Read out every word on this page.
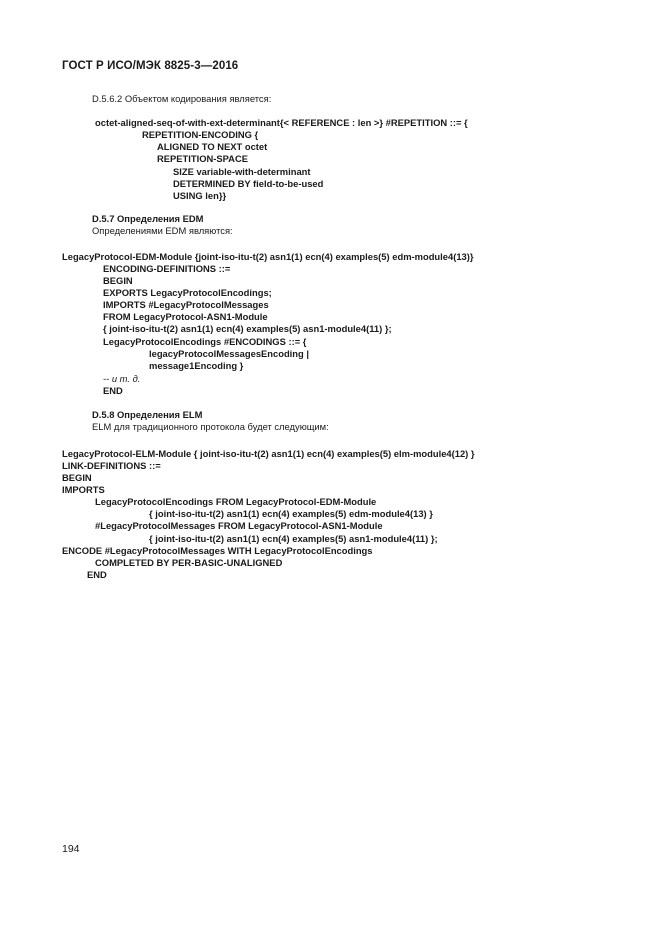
ГОСТ Р ИСО/МЭК 8825-3—2016
D.5.6.2 Объектом кодирования является:
octet-aligned-seq-of-with-ext-determinant{< REFERENCE : len >} #REPETITION ::= {
REPETITION-ENCODING {
ALIGNED TO NEXT octet
REPETITION-SPACE
SIZE variable-with-determinant
DETERMINED BY field-to-be-used
USING len}}
D.5.7 Определения EDM
Определениями EDM являются:
LegacyProtocol-EDM-Module {joint-iso-itu-t(2) asn1(1) ecn(4) examples(5) edm-module4(13)}
ENCODING-DEFINITIONS ::=
BEGIN
EXPORTS LegacyProtocolEncodings;
IMPORTS #LegacyProtocolMessages
FROM LegacyProtocol-ASN1-Module
{ joint-iso-itu-t(2) asn1(1) ecn(4) examples(5) asn1-module4(11) };
LegacyProtocolEncodings #ENCODINGS ::= {
legacyProtocolMessagesEncoding |
message1Encoding }
-- и т. д.
END
D.5.8 Определения ELM
ELM для традиционного протокола будет следующим:
LegacyProtocol-ELM-Module { joint-iso-itu-t(2) asn1(1) ecn(4) examples(5) elm-module4(12) }
LINK-DEFINITIONS ::=
BEGIN
IMPORTS
LegacyProtocolEncodings FROM LegacyProtocol-EDM-Module
{ joint-iso-itu-t(2) asn1(1) ecn(4) examples(5) edm-module4(13) }
#LegacyProtocolMessages FROM LegacyProtocol-ASN1-Module
{ joint-iso-itu-t(2) asn1(1) ecn(4) examples(5) asn1-module4(11) };
ENCODE #LegacyProtocolMessages WITH LegacyProtocolEncodings
COMPLETED BY PER-BASIC-UNALIGNED
END
194
